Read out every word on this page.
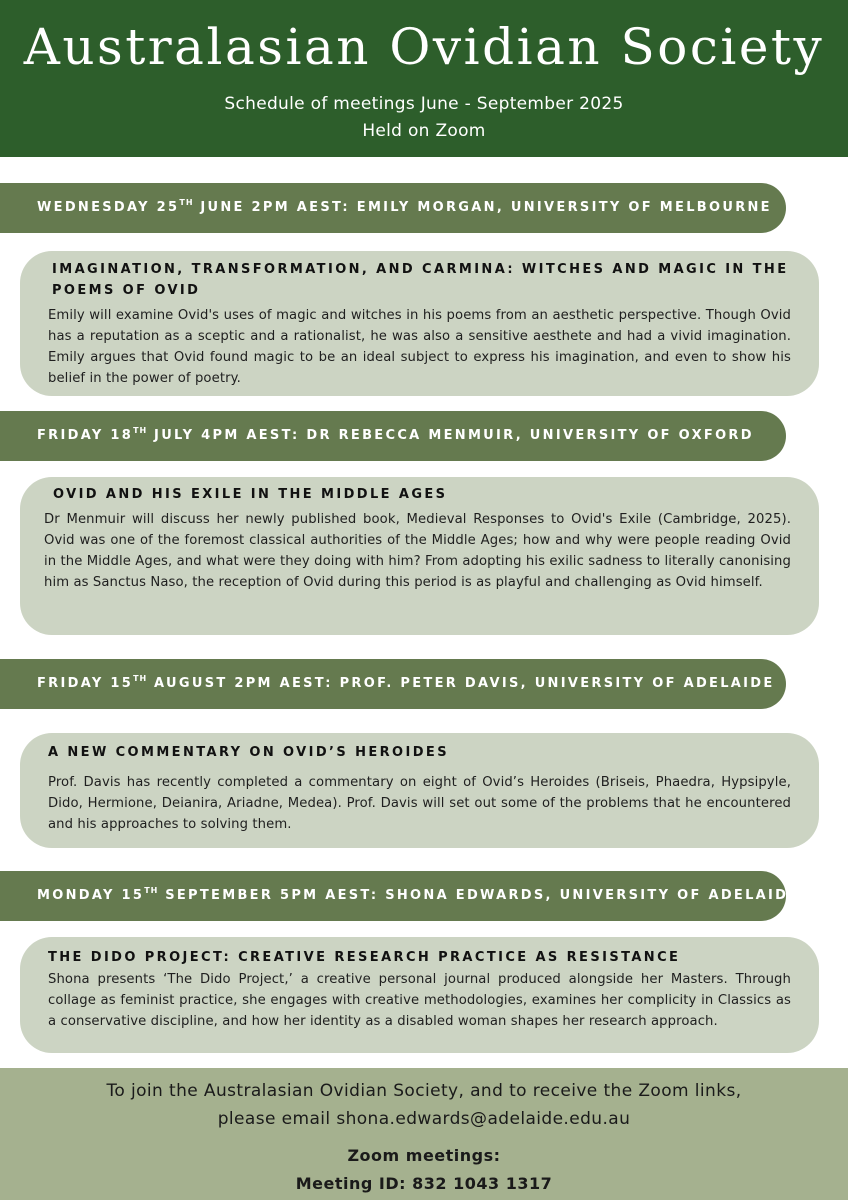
Australasian Ovidian Society
Schedule of meetings June - September 2025
Held on Zoom
WEDNESDAY 25TH JUNE 2PM AEST: EMILY MORGAN, UNIVERSITY OF MELBOURNE
IMAGINATION, TRANSFORMATION, AND CARMINA: WITCHES AND MAGIC IN THE POEMS OF OVID

Emily will examine Ovid's uses of magic and witches in his poems from an aesthetic perspective. Though Ovid has a reputation as a sceptic and a rationalist, he was also a sensitive aesthete and had a vivid imagination. Emily argues that Ovid found magic to be an ideal subject to express his imagination, and even to show his belief in the power of poetry.

FRIDAY 18TH JULY 4PM AEST: DR REBECCA MENMUIR, UNIVERSITY OF OXFORD
OVID AND HIS EXILE IN THE MIDDLE AGES

Dr Menmuir will discuss her newly published book, Medieval Responses to Ovid's Exile (Cambridge, 2025). Ovid was one of the foremost classical authorities of the Middle Ages; how and why were people reading Ovid in the Middle Ages, and what were they doing with him? From adopting his exilic sadness to literally canonising him as Sanctus Naso, the reception of Ovid during this period is as playful and challenging as Ovid himself.

FRIDAY 15TH AUGUST 2PM AEST: PROF. PETER DAVIS, UNIVERSITY OF ADELAIDE
A NEW COMMENTARY ON OVID’S HEROIDES

Prof. Davis has recently completed a commentary on eight of Ovid’s Heroides (Briseis, Phaedra, Hypsipyle, Dido, Hermione, Deianira, Ariadne, Medea). Prof. Davis will set out some of the problems that he encountered and his approaches to solving them.

MONDAY 15TH SEPTEMBER 5PM AEST: SHONA EDWARDS, UNIVERSITY OF ADELAIDE
THE DIDO PROJECT: CREATIVE RESEARCH PRACTICE AS RESISTANCE

Shona presents ‘The Dido Project,’ a creative personal journal produced alongside her Masters. Through collage as feminist practice, she engages with creative methodologies, examines her complicity in Classics as a conservative discipline, and how her identity as a disabled woman shapes her research approach.

To join the Australasian Ovidian Society, and to receive the Zoom links,
please email shona.edwards@adelaide.edu.au
Zoom meetings:
Meeting ID: 832 1043 1317
